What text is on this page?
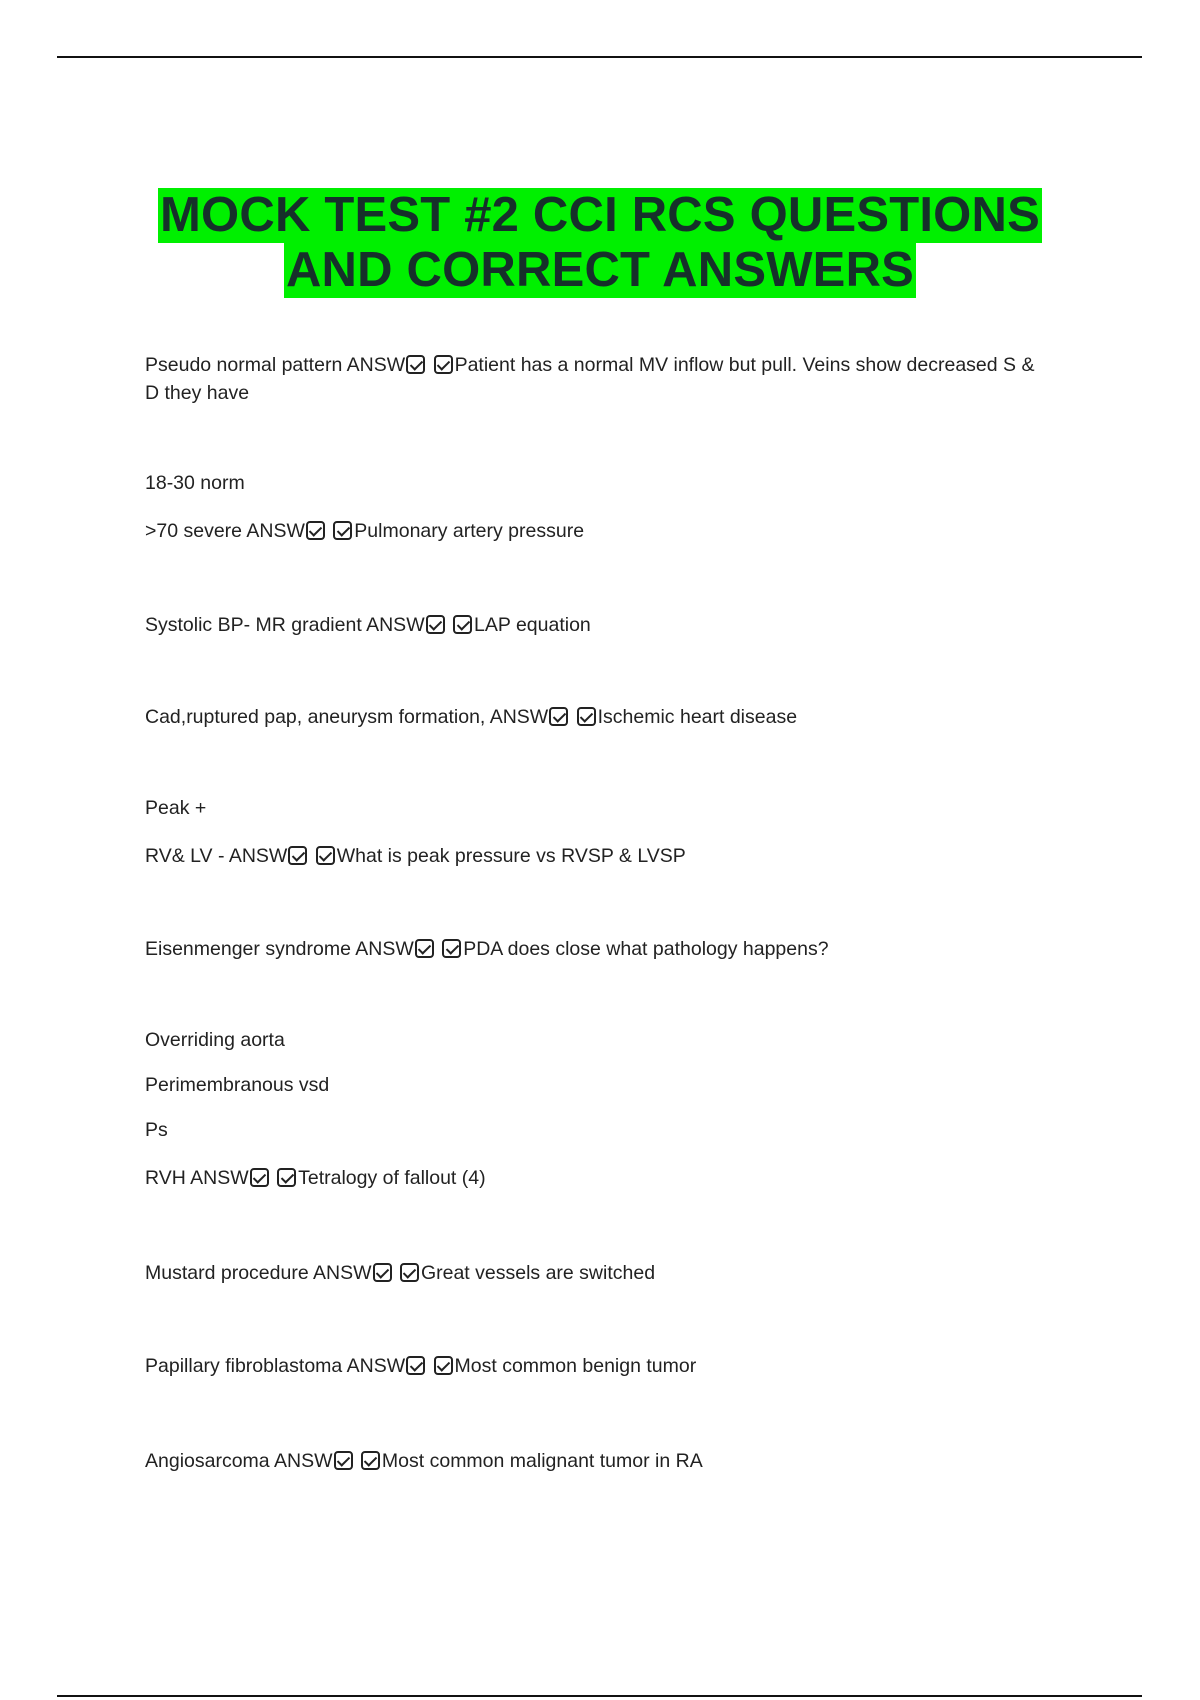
MOCK TEST #2 CCI RCS QUESTIONS
AND CORRECT ANSWERS

Pseudo normal pattern ANSW	Patient has a normal MV inflow but pull. Veins show decreased S & D they have

18-30 norm

>70 severe ANSW	Pulmonary artery pressure

Systolic BP- MR gradient ANSW	LAP equation

Cad,ruptured pap, aneurysm formation, ANSW	Ischemic heart disease

Peak +

RV& LV - ANSW	What is peak pressure vs RVSP & LVSP

Eisenmenger syndrome ANSW	PDA does close what pathology happens?

Overriding aorta

Perimembranous vsd

Ps

RVH ANSW	Tetralogy of fallout (4)

Mustard procedure ANSW	Great vessels are switched

Papillary fibroblastoma ANSW	Most common benign tumor

Angiosarcoma ANSW	Most common malignant tumor in RA
